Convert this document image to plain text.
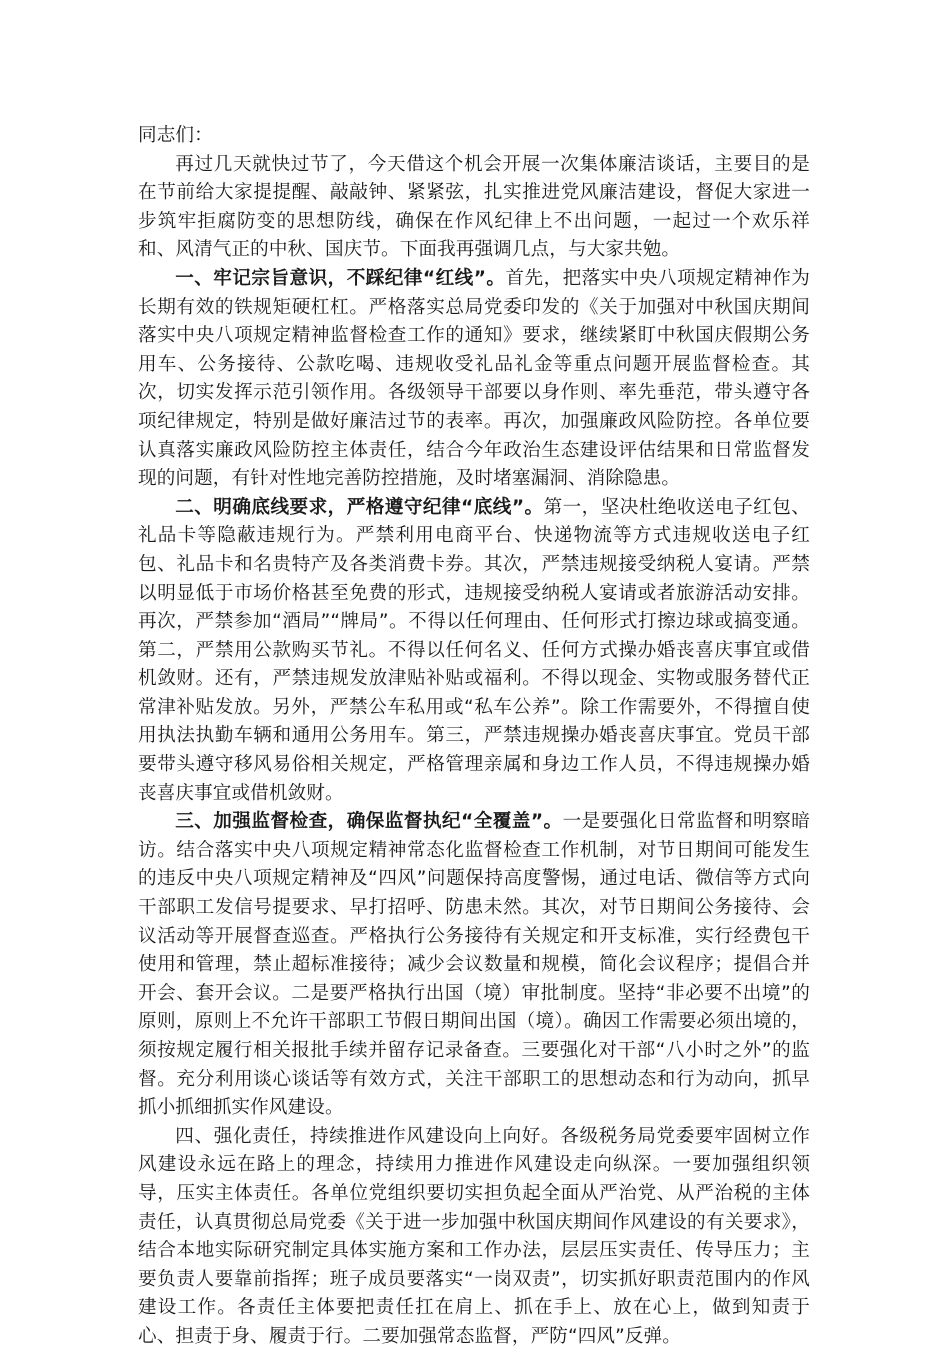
同志们：

再过几天就快过节了，今天借这个机会开展一次集体廉洁谈话，主要目的是在节前给大家提提醒、敲敲钟、紧紧弦，扎实推进党风廉洁建设，督促大家进一步筑牢拒腐防变的思想防线，确保在作风纪律上不出问题，一起过一个欢乐祥和、风清气正的中秋、国庆节。下面我再强调几点，与大家共勉。

一、牢记宗旨意识，不踩纪律“红线”。首先，把落实中央八项规定精神作为长期有效的铁规矩硬杠杠。严格落实总局党委印发的《关于加强对中秋国庆期间落实中央八项规定精神监督检查工作的通知》要求，继续紧盯中秋国庆假期公务用车、公务接待、公款吃喝、违规收受礼品礼金等重点问题开展监督检查。其次，切实发挥示范引领作用。各级领导干部要以身作则、率先垂范，带头遵守各项纪律规定，特别是做好廉洁过节的表率。再次，加强廉政风险防控。各单位要认真落实廉政风险防控主体责任，结合今年政治生态建设评估结果和日常监督发现的问题，有针对性地完善防控措施，及时堵塞漏洞、消除隐患。

二、明确底线要求，严格遵守纪律“底线”。第一，坚决杜绝收送电子红包、礼品卡等隐蔽违规行为。严禁利用电商平台、快递物流等方式违规收送电子红包、礼品卡和名贵特产及各类消费卡券。其次，严禁违规接受纳税人宴请。严禁以明显低于市场价格甚至免费的形式，违规接受纳税人宴请或者旅游活动安排。再次，严禁参加“酒局”“牌局”。不得以任何理由、任何形式打擦边球或搞变通。第二，严禁用公款购买节礼。不得以任何名义、任何方式操办婚丧喜庆事宜或借机敛财。还有，严禁违规发放津贴补贴或福利。不得以现金、实物或服务替代正常津补贴发放。另外，严禁公车私用或“私车公养”。除工作需要外，不得擅自使用执法执勤车辆和通用公务用车。第三，严禁违规操办婚丧喜庆事宜。党员干部要带头遵守移风易俗相关规定，严格管理亲属和身边工作人员，不得违规操办婚丧喜庆事宜或借机敛财。

三、加强监督检查，确保监督执纪“全覆盖”。一是要强化日常监督和明察暗访。结合落实中央八项规定精神常态化监督检查工作机制，对节日期间可能发生的违反中央八项规定精神及“四风”问题保持高度警惕，通过电话、微信等方式向干部职工发信号提要求、早打招呼、防患未然。其次，对节日期间公务接待、会议活动等开展督查巡查。严格执行公务接待有关规定和开支标准，实行经费包干使用和管理，禁止超标准接待；减少会议数量和规模，简化会议程序；提倡合并开会、套开会议。二是要严格执行出国（境）审批制度。坚持“非必要不出境”的原则，原则上不允许干部职工节假日期间出国（境）。确因工作需要必须出境的，须按规定履行相关报批手续并留存记录备查。三要强化对干部“八小时之外”的监督。充分利用谈心谈话等有效方式，关注干部职工的思想动态和行为动向，抓早抓小抓细抓实作风建设。

四、强化责任，持续推进作风建设向上向好。各级税务局党委要牢固树立作风建设永远在路上的理念，持续用力推进作风建设走向纵深。一要加强组织领导，压实主体责任。各单位党组织要切实担负起全面从严治党、从严治税的主体责任，认真贯彻总局党委《关于进一步加强中秋国庆期间作风建设的有关要求》，结合本地实际研究制定具体实施方案和工作办法，层层压实责任、传导压力；主要负责人要靠前指挥；班子成员要落实“一岗双责”，切实抓好职责范围内的作风建设工作。各责任主体要把责任扛在肩上、抓在手上、放在心上，做到知责于心、担责于身、履责于行。二要加强常态监督，严防“四风”反弹。
